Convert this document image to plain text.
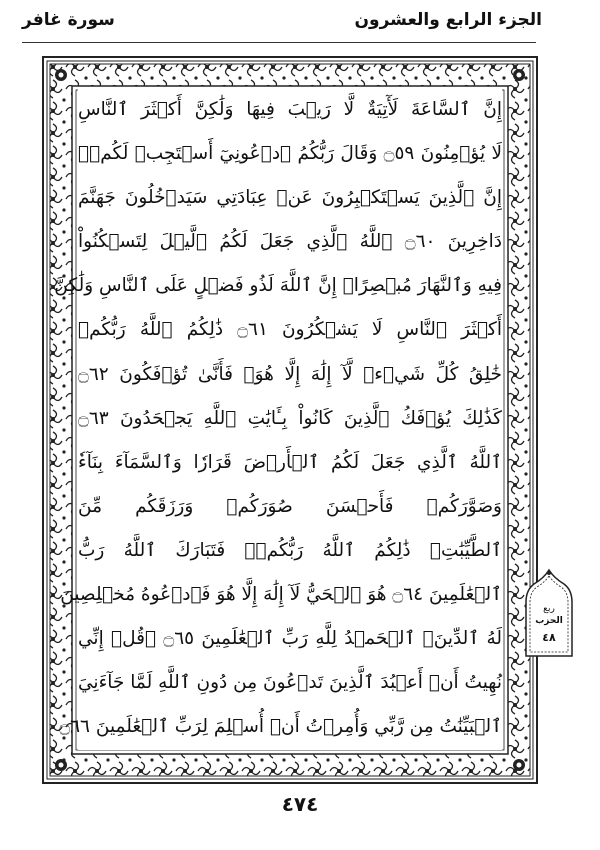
الجزء الرابع والعشرون
سورة غافر
إِنَّ ٱلسَّاعَةَ لَأٓتِيَةٌ لَّا رَيۡبَ فِيهَا وَلَٰكِنَّ أَكۡثَرَ ٱلنَّاسِ
لَا يُؤۡمِنُونَ ۝٥٩ وَقَالَ رَبُّكُمُ ٱدۡعُونِيٓ أَسۡتَجِبۡ لَكُمۡۚ
إِنَّ ٱلَّذِينَ يَسۡتَكۡبِرُونَ عَنۡ عِبَادَتِي سَيَدۡخُلُونَ جَهَنَّمَ
دَاخِرِينَ ۝٦٠ ٱللَّهُ ٱلَّذِي جَعَلَ لَكُمُ ٱلَّيۡلَ لِتَسۡكُنُواْ
فِيهِ وَٱلنَّهَارَ مُبۡصِرًاۚ إِنَّ ٱللَّهَ لَذُو فَضۡلٍ عَلَى ٱلنَّاسِ وَلَٰكِنَّ
أَكۡثَرَ ٱلنَّاسِ لَا يَشۡكُرُونَ ۝٦١ ذَٰلِكُمُ ٱللَّهُ رَبُّكُمۡ
خَٰلِقُ كُلِّ شَيۡءٖ لَّآ إِلَٰهَ إِلَّا هُوَۖ فَأَنَّىٰ تُؤۡفَكُونَ ۝٦٢
كَذَٰلِكَ يُؤۡفَكُ ٱلَّذِينَ كَانُواْ بِـَٔايَٰتِ ٱللَّهِ يَجۡحَدُونَ ۝٦٣
ٱللَّهُ ٱلَّذِي جَعَلَ لَكُمُ ٱلۡأَرۡضَ قَرَارٗا وَٱلسَّمَآءَ بِنَآءٗ
وَصَوَّرَكُمۡ فَأَحۡسَنَ صُوَرَكُمۡ وَرَزَقَكُم مِّنَ
ٱلطَّيِّبَٰتِۚ ذَٰلِكُمُ ٱللَّهُ رَبُّكُمۡۖ فَتَبَارَكَ ٱللَّهُ رَبُّ
ٱلۡعَٰلَمِينَ ۝٦٤ هُوَ ٱلۡحَيُّ لَآ إِلَٰهَ إِلَّا هُوَ فَٱدۡعُوهُ مُخۡلِصِينَ
لَهُ ٱلدِّينَۗ ٱلۡحَمۡدُ لِلَّهِ رَبِّ ٱلۡعَٰلَمِينَ ۝٦٥ ۞قُلۡ إِنِّي
نُهِيتُ أَنۡ أَعۡبُدَ ٱلَّذِينَ تَدۡعُونَ مِن دُونِ ٱللَّهِ لَمَّا جَآءَنِيَ
ٱلۡبَيِّنَٰتُ مِن رَّبِّي وَأُمِرۡتُ أَنۡ أُسۡلِمَ لِرَبِّ ٱلۡعَٰلَمِينَ ۝٦٦
ربع
الحزب
٤٨
٤٧٤
